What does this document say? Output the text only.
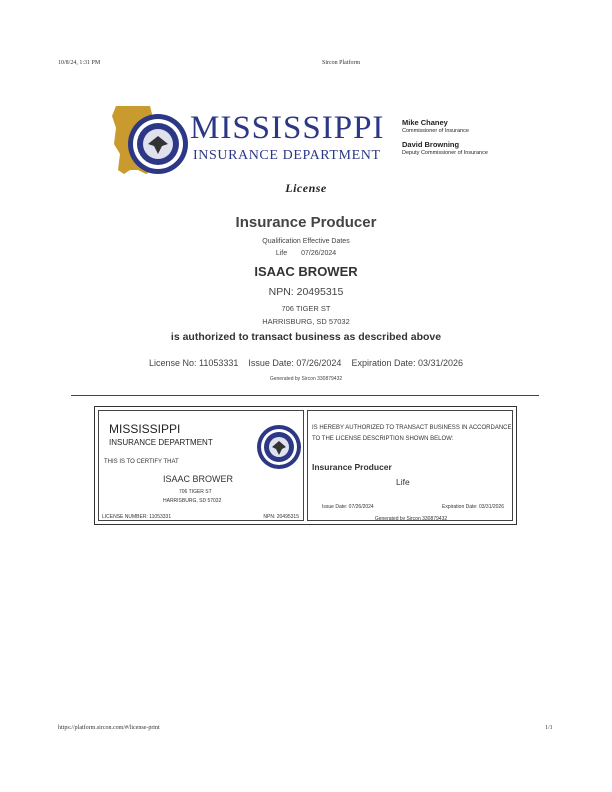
10/8/24, 1:31 PM	Sircon Platform
MISSISSIPPI
INSURANCE DEPARTMENT
Mike Chaney
Commissioner of Insurance
David Browning
Deputy Commissioner of Insurance
License
Insurance Producer
Qualification Effective Dates
Life 07/26/2024
ISAAC BROWER
NPN: 20495315
706 TIGER ST
HARRISBURG, SD 57032
is authorized to transact business as described above
License No: 11053331 Issue Date: 07/26/2024 Expiration Date: 03/31/2026
Generated by Sircon 330879432
MISSISSIPPI
INSURANCE DEPARTMENT
THIS IS TO CERTIFY THAT
ISAAC BROWER
706 TIGER ST
HARRISBURG, SD 57032
LICENSE NUMBER: 11053331	NPN: 20495315
IS HEREBY AUTHORIZED TO TRANSACT BUSINESS IN ACCORDANCE TO THE LICENSE DESCRIPTION SHOWN BELOW:
Insurance Producer
Life
Issue Date: 07/26/2024	Expiration Date: 03/31/2026
Generated by Sircon 330879432
https://platform.sircon.com/#/license-print	1/1
